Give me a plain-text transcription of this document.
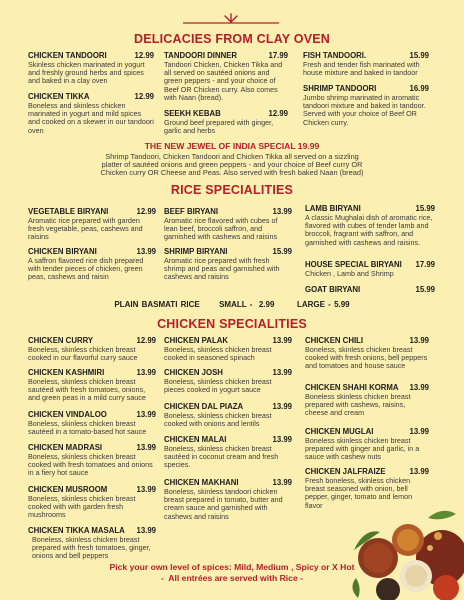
DELICACIES FROM CLAY OVEN
RICE SPECIALITIES
CHICKEN SPECIALITIES
CHICKEN TANDOORI	12.99
Skinless chicken marinated in yogurt and freshly ground herbs and spices and baked in a clay oven
CHICKEN TIKKA	12.99
Boneless and skinless chicken marinated in yogurt and mild spices and cooked on a skewer in our tandoori oven
TANDOORI DINNER	17.99
Tandoori Chicken, Chicken Tikka and all served on sautéed onions and green peppers - and your choice of Beef OR Chicken curry. Also comes with Naan (bread).
SEEKH KEBAB	12.99
Ground beef prepared with ginger, garlic and herbs
FISH TANDOORI.	15.99
Fresh and tender fish marinated with house mixture and baked in tandoor
SHRIMP TANDOORI	16.99
Jumbo shrimp marinated in aromatic tandoori mixture and baked in tandoor. Served with your choice of Beef OR Chicken curry.
THE NEW JEWEL OF INDIA SPECIAL 19.99
Shrimp Tandoori, Chicken Tandoori and Chicken Tikka all served on a sizzling
platter of sautéed onions and green peppers - and your choice of Beef curry OR
Chicken curry OR Cheese and Peas. Also served with fresh baked Naan (bread)
VEGETABLE BIRYANI	12.99
Aromatic rice prepared with garden fresh vegetable, peas, cashews and raisins
CHICKEN BIRYANI	13.99
A saffron flavored rice dish prepared with tender pieces of chicken, green peas, cashews and raisin
BEEF BIRYANI	13.99
Aromatic rice flavored with cubes of lean beef, broccoli saffron, and garnished with cashews and raisins
SHRIMP BIRYANI	15.99
Aromatic rice prepared with fresh shrimp and peas and garnished with cashews and raisins
LAMB BIRYANI	15.99
A classic Mughalai dish of aromatic rice, flavored with cubes of tender lamb and broccoli, fragrant with saffron, and garnished with cashews and raisins.
HOUSE SPECIAL BIRYANI 17.99
Chicken , Lamb and Shrimp
GOAT BIRYANI	15.99
PLAIN BASMATI RICE      SMALL -  2.99       LARGE - 5.99
CHICKEN CURRY	12.99
Boneless, skinless chicken breast cooked in our flavorful curry sauce
CHICKEN KASHMIRI	13.99
Boneless, skinless chicken breast sautéed with fresh tomatoes, onions, and green peas in a mild curry sauce
CHICKEN VINDALOO	13.99
Boneless, skinless chicken breast sautéed in a tomato-based hot sauce
CHICKEN MADRASI	13.99
Boneless, skinless chicken breast cooked with fresh tomatoes and onions in a fiery hot sauce
CHICKEN MUSROOM	13.99
Boneless, skinless chicken breast cooked with with garden fresh mushrooms
CHICKEN TIKKA MASALA 13.99
Boneless, skinless chicken breast prepared with fresh tomatoes, ginger, onions and bell peppers
CHICKEN PALAK	13.99
Boneless, skinless chicken breast cooked in seasoned spinach
CHICKEN JOSH	13.99
Boneless, skinless chicken breast pieces cooked in yogurt sauce
CHICKEN DAL PIAZA	13.99
Boneless, skinless chicken breast cooked with onions and lentils
CHICKEN MALAI	13.99
Boneless, skinless chicken breast sautéed in coconut cream and fresh species.
CHICKEN MAKHANI	13.99
Boneless, skinless tandoori chicken breast prepared in tomato, butter and cream sauce and garnished with cashews and raisins
CHICKEN CHILI	13.99
Boneless, skinless chicken breast cooked with fresh onions, bell peppers and tomatoes and house sauce
CHICKEN SHAHI KORMA 13.99
Boneless skinless chicken breast prepared with cashews, raisins, cheese and cream
CHICKEN MUGLAI	13.99
Boneless skinless chicken breast prepared with ginger and garlic, in a sauce with cashew nuts
CHICKEN JALFRAIZE	13.99
Fresh boneless, skinless chicken breast seasoned with onion, bell pepper, ginger, tomato and lemon flavor
Pick your own level of spices: Mild, Medium , Spicy or X Hot
-  All entrées are served with Rice -
